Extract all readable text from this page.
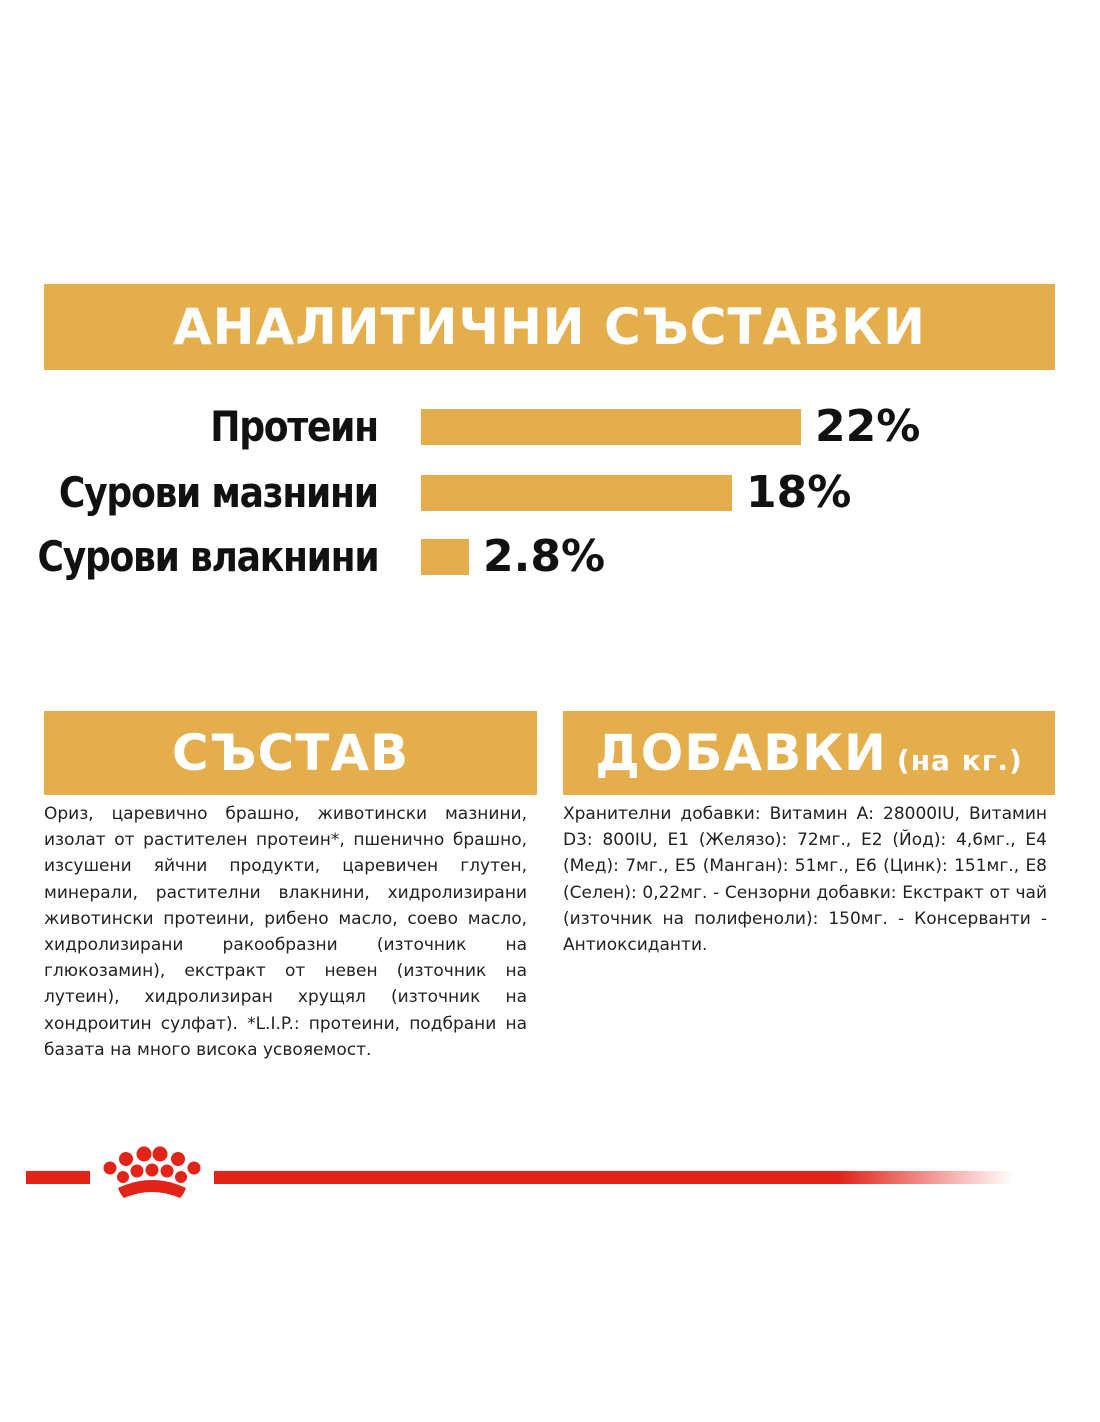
АНАЛИТИЧНИ СЪСТАВКИ
Протеин	22%
Сурови мазнини	18%
Сурови влакнини 2.8%
СЪСТАВ	ДОБАВКИ (на кг.)
Ориз, царевично брашно, животински мазнини, изолат от растителен протеин*, пшенично брашно, изсушени яйчни продукти, царевичен глутен, минерали, растителни влакнини, хидролизирани животински протеини, рибено масло, соево масло, хидролизирани ракообразни (източник на глюкозамин), екстракт от невен (източник на лутеин), хидролизиран хрущял (източник на хондроитин сулфат). *L.I.P.: протеини, подбрани на базата на много висока усвояемост.
Хранителни добавки: Витамин А: 28000IU, Витамин D3: 800IU, E1 (Желязо): 72мг., E2 (Йод): 4,6мг., E4 (Мед): 7мг., E5 (Манган): 51мг., E6 (Цинк): 151мг., E8 (Селен): 0,22мг. - Сензорни добавки: Екстракт от чай (източник на полифеноли): 150мг. - Консерванти - Антиоксиданти.
